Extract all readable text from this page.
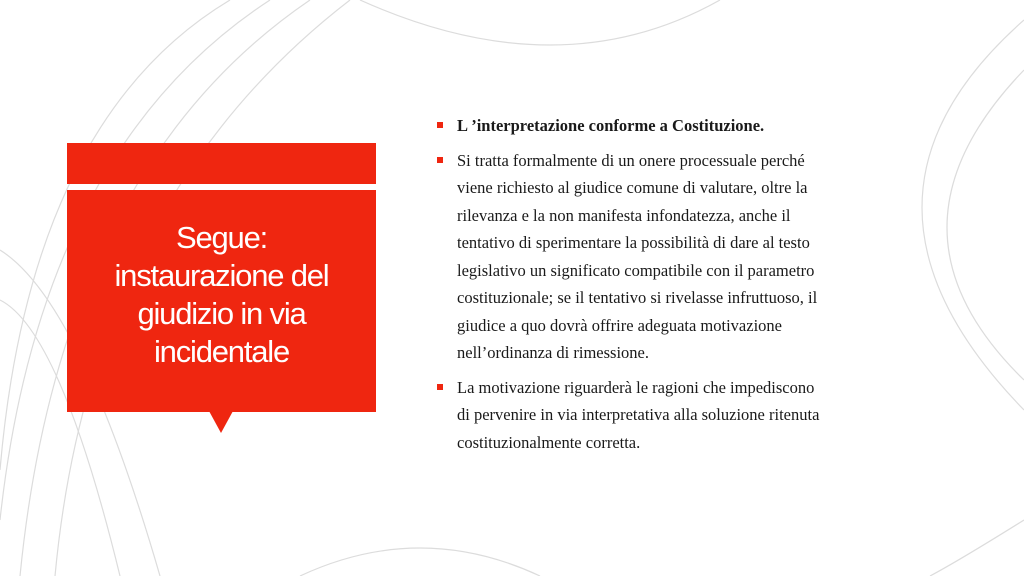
Segue:
instaurazione del
giudizio in via
incidentale
L ’interpretazione conforme a Costituzione.
Si tratta formalmente di un onere processuale perché
viene richiesto al giudice comune di valutare, oltre la
rilevanza e la non manifesta infondatezza, anche il
tentativo di sperimentare la possibilità di dare al testo
legislativo un significato compatibile con il parametro
costituzionale; se il tentativo si rivelasse infruttuoso, il
giudice a quo dovrà offrire adeguata motivazione
nell’ordinanza di rimessione.
La motivazione riguarderà le ragioni che impediscono
di pervenire in via interpretativa alla soluzione ritenuta
costituzionalmente corretta.
